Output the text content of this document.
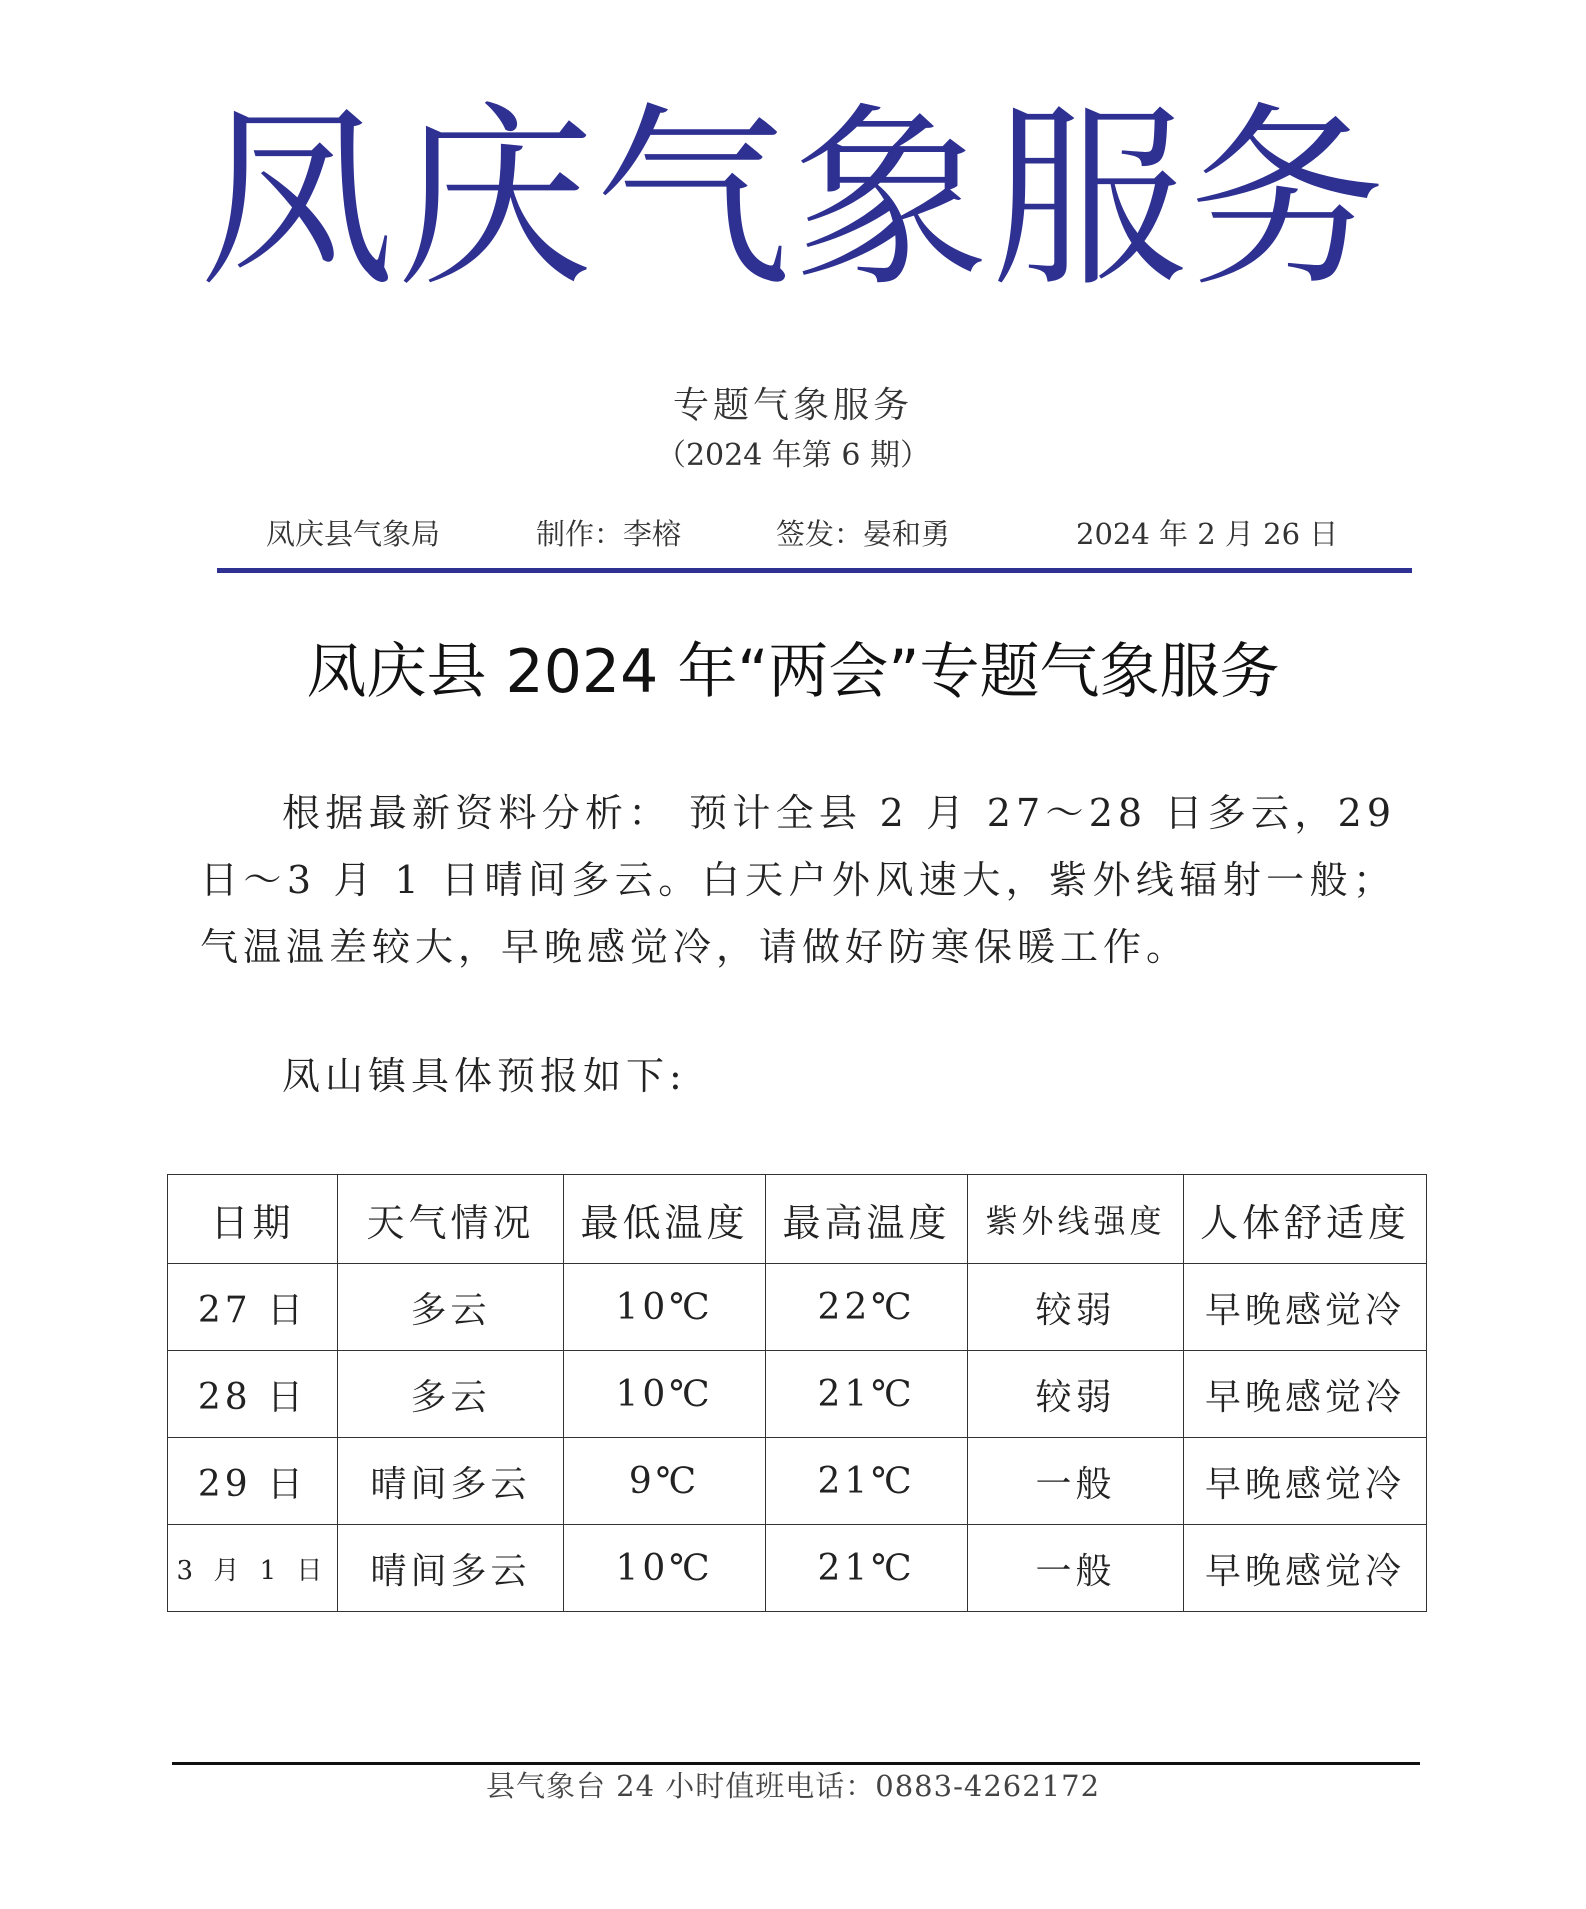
凤庆气象服务
专题气象服务
（2024 年第 6 期）
凤庆县气象局	制作：李榕	签发：晏和勇	2024 年 2 月 26 日
凤庆县 2024 年“两会”专题气象服务
根据最新资料分析： 预计全县 2 月 27～28 日多云，29 日～3 月 1 日晴间多云。白天户外风速大，紫外线辐射一般；气温温差较大，早晚感觉冷，请做好防寒保暖工作。
凤山镇具体预报如下:
日期	天气情况	最低温度	最高温度	紫外线强度	人体舒适度
27 日	多云	10℃	22℃	较弱	早晚感觉冷
28 日	多云	10℃	21℃	较弱	早晚感觉冷
29 日	晴间多云	9℃	21℃	一般	早晚感觉冷
3 月 1 日	晴间多云	10℃	21℃	一般	早晚感觉冷
县气象台 24 小时值班电话：0883-4262172
